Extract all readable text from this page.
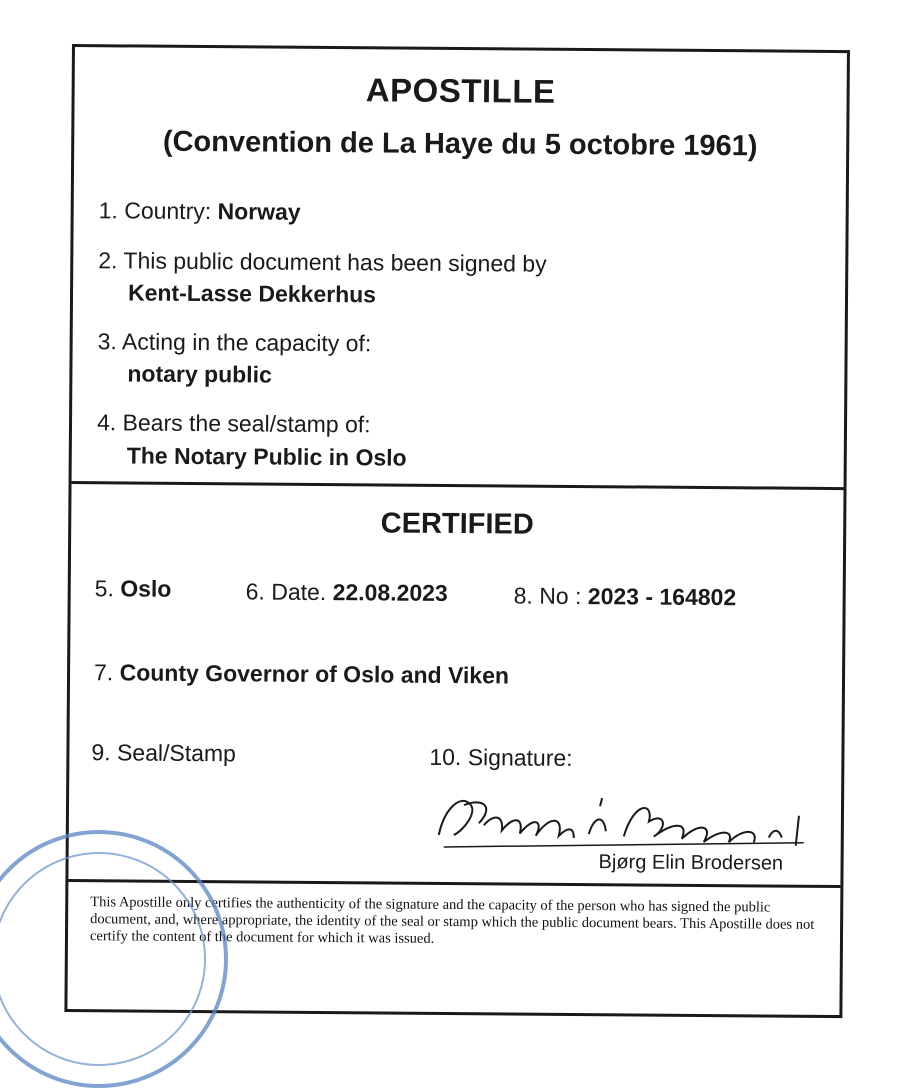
APOSTILLE
(Convention de La Haye du 5 octobre 1961)
1. Country: Norway
2. This public document has been signed by
Kent-Lasse Dekkerhus
3. Acting in the capacity of:
notary public
4. Bears the seal/stamp of:
The Notary Public in Oslo
CERTIFIED
5. Oslo	6. Date. 22.08.2023	8. No : 2023 - 164802
7. County Governor of Oslo and Viken
9. Seal/Stamp	10. Signature:
Bjørg Elin Brodersen
This Apostille only certifies the authenticity of the signature and the capacity of the person who has signed the public document, and, where appropriate, the identity of the seal or stamp which the public document bears. This Apostille does not certify the content of the document for which it was issued.
